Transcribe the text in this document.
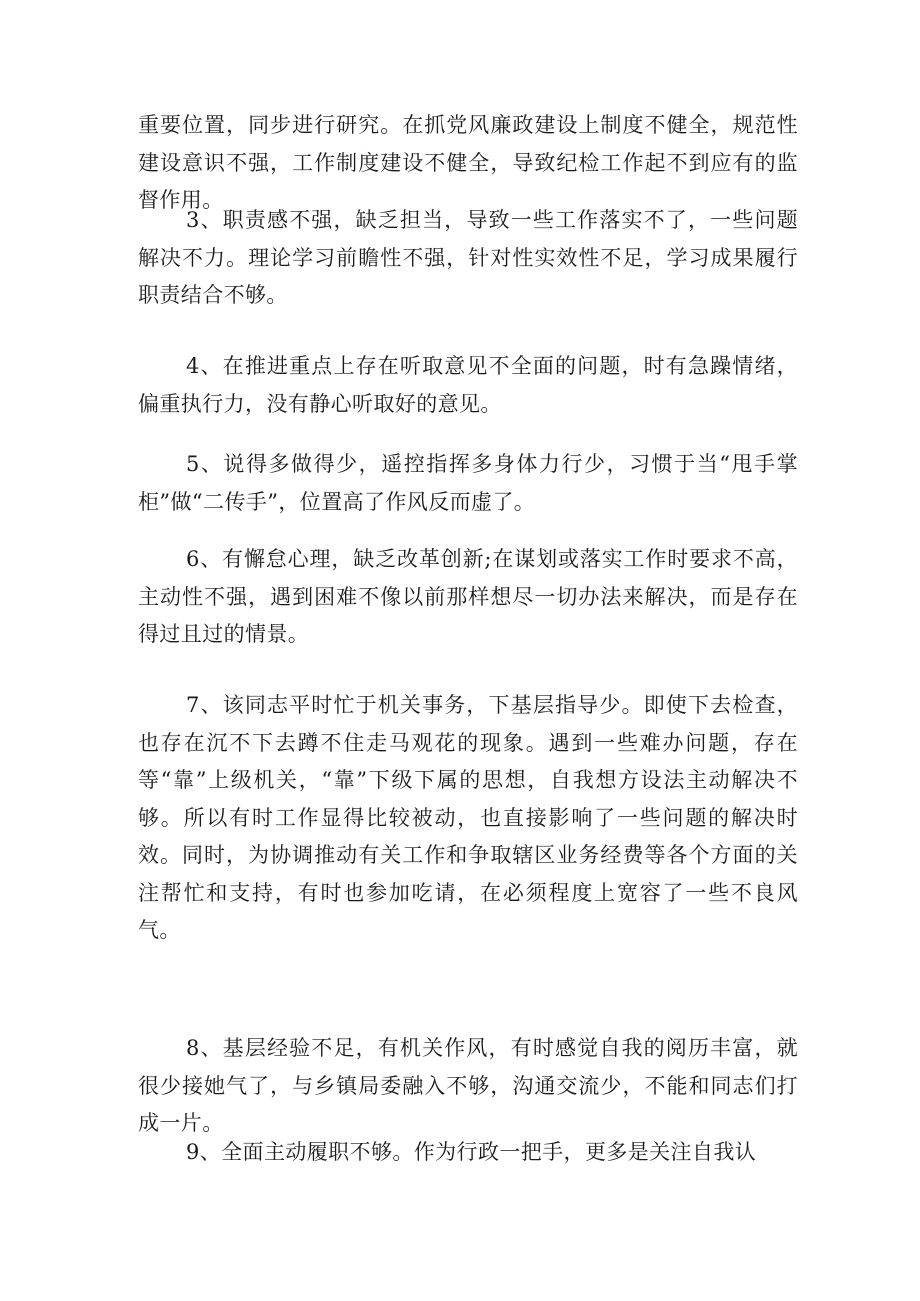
重要位置，同步进行研究。在抓党风廉政建设上制度不健全，规范性建设意识不强，工作制度建设不健全，导致纪检工作起不到应有的监督作用。

3、职责感不强，缺乏担当，导致一些工作落实不了，一些问题解决不力。理论学习前瞻性不强，针对性实效性不足，学习成果履行职责结合不够。

4、在推进重点上存在听取意见不全面的问题，时有急躁情绪，偏重执行力，没有静心听取好的意见。

5、说得多做得少，遥控指挥多身体力行少，习惯于当“甩手掌柜”做“二传手”，位置高了作风反而虚了。

6、有懈怠心理，缺乏改革创新;在谋划或落实工作时要求不高，主动性不强，遇到困难不像以前那样想尽一切办法来解决，而是存在得过且过的情景。

7、该同志平时忙于机关事务，下基层指导少。即使下去检查，也存在沉不下去蹲不住走马观花的现象。遇到一些难办问题，存在等“靠”上级机关，“靠”下级下属的思想，自我想方设法主动解决不够。所以有时工作显得比较被动，也直接影响了一些问题的解决时效。同时，为协调推动有关工作和争取辖区业务经费等各个方面的关注帮忙和支持，有时也参加吃请，在必须程度上宽容了一些不良风气。

8、基层经验不足，有机关作风，有时感觉自我的阅历丰富，就很少接她气了，与乡镇局委融入不够，沟通交流少，不能和同志们打成一片。

9、全面主动履职不够。作为行政一把手，更多是关注自我认
